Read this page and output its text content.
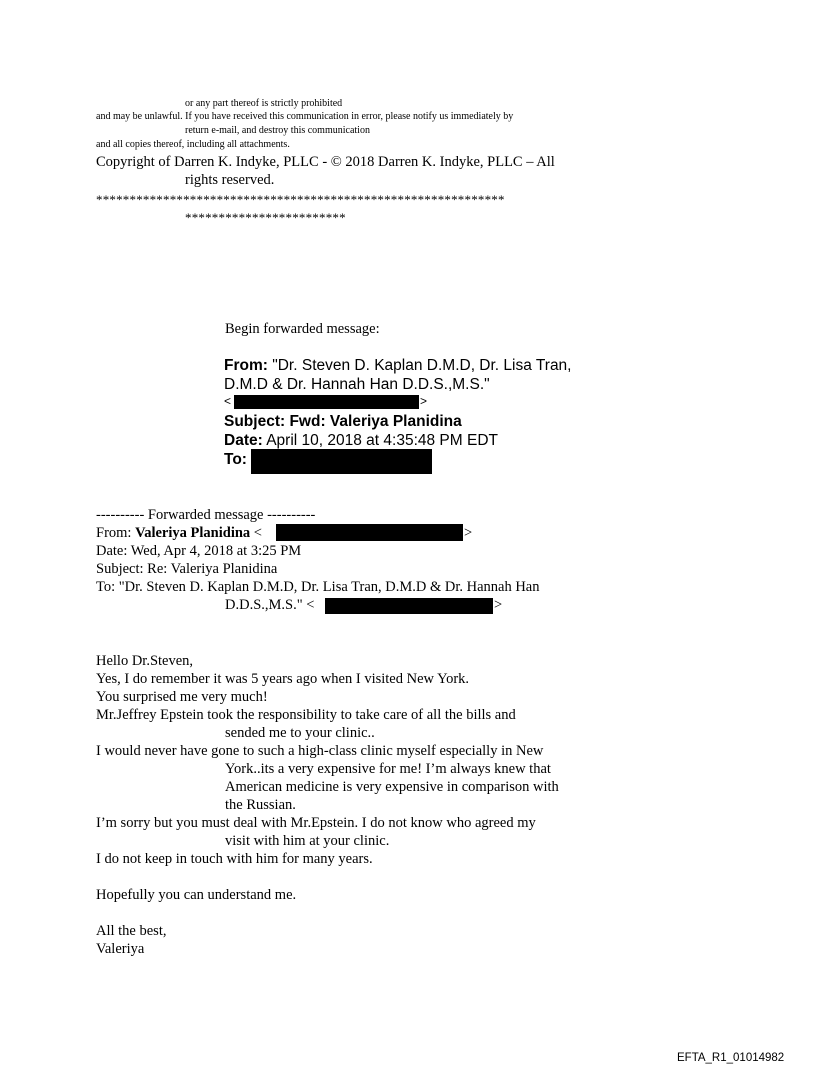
or any part thereof is strictly prohibited
and may be unlawful. If you have received this communication in error, please notify us immediately by
return e-mail, and destroy this communication
and all copies thereof, including all attachments.
Copyright of Darren K. Indyke, PLLC - © 2018 Darren K. Indyke, PLLC – All
rights reserved.
*************************************************************
************************
Begin forwarded message:
From: "Dr. Steven D. Kaplan D.M.D, Dr. Lisa Tran,
D.M.D & Dr. Hannah Han D.D.S.,M.S."
<	>
Subject: Fwd: Valeriya Planidina
Date: April 10, 2018 at 4:35:48 PM EDT
To:
---------- Forwarded message ----------
From: Valeriya Planidina <	>
Date: Wed, Apr 4, 2018 at 3:25 PM
Subject: Re: Valeriya Planidina
To: "Dr. Steven D. Kaplan D.M.D, Dr. Lisa Tran, D.M.D & Dr. Hannah Han
D.D.S.,M.S." <	>
Hello Dr.Steven,
Yes, I do remember it was 5 years ago when I visited New York.
You surprised me very much!
Mr.Jeffrey Epstein took the responsibility to take care of all the bills and
sended me to your clinic..
I would never have gone to such a high-class clinic myself especially in New
York..its a very expensive for me! I’m always knew that
American medicine is very expensive in comparison with
the Russian.
I’m sorry but you must deal with Mr.Epstein. I do not know who agreed my
visit with him at your clinic.
I do not keep in touch with him for many years.
Hopefully you can understand me.
All the best,
Valeriya
EFTA_R1_01014982
